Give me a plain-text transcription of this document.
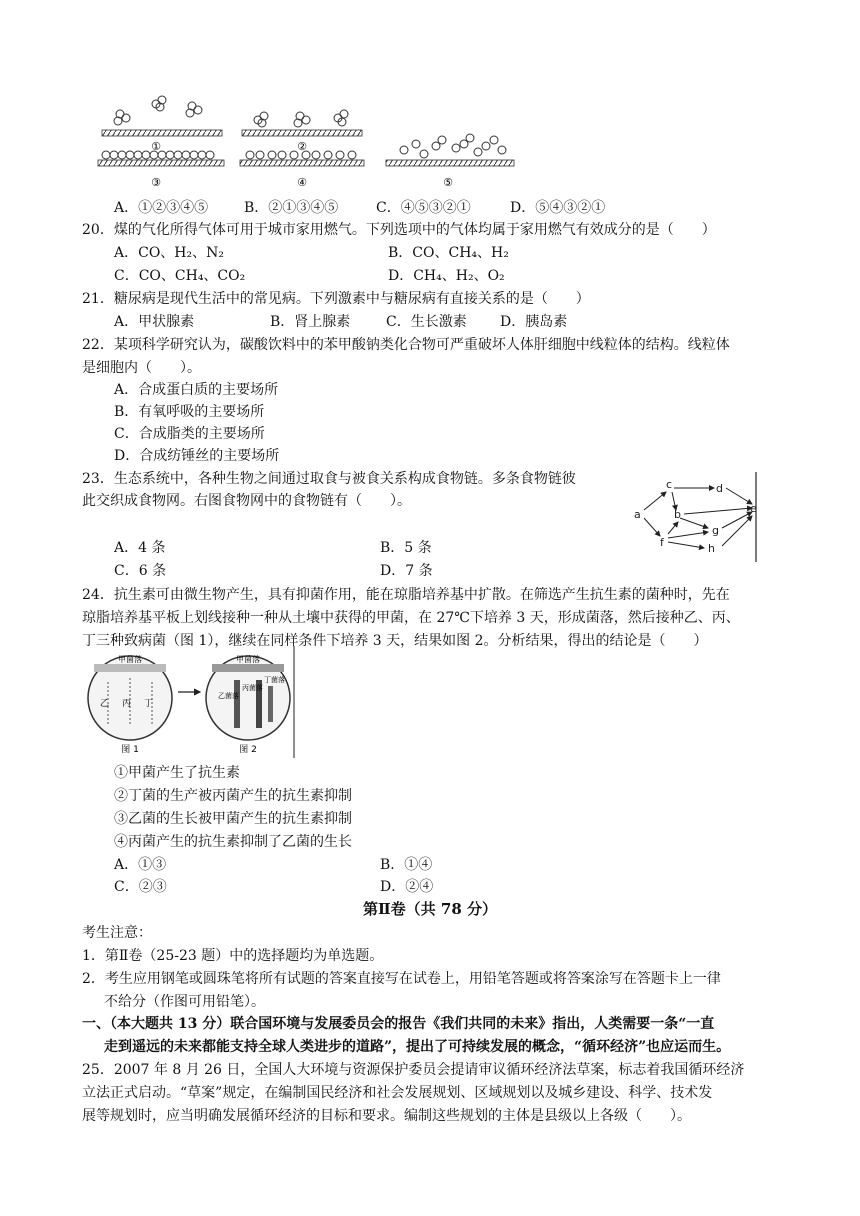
①	②
③	④	⑤
A．①②③④⑤	B．②①③④⑤	C．④⑤③②①	D．⑤④③②①
20．煤的气化所得气体可用于城市家用燃气。下列选项中的气体均属于家用燃气有效成分的是（　　）
A．CO、H₂、N₂	B．CO、CH₄、H₂
C．CO、CH₄、CO₂	D．CH₄、H₂、O₂
21．糖尿病是现代生活中的常见病。下列激素中与糖尿病有直接关系的是（　　）
A．甲状腺素	B．肾上腺素	C．生长激素 D．胰岛素
22．某项科学研究认为，碳酸饮料中的苯甲酸钠类化合物可严重破坏人体肝细胞中线粒体的结构。线粒体
是细胞内（　　）。
A．合成蛋白质的主要场所
B．有氧呼吸的主要场所
C．合成脂类的主要场所
D．合成纺锤丝的主要场所
23．生态系统中，各种生物之间通过取食与被食关系构成食物链。多条食物链彼
此交织成食物网。右图食物网中的食物链有（　　）。
A．4 条	B．5 条
C．6 条	D．7 条
a	b
c	d
e
f
g
h
24．抗生素可由微生物产生，具有抑菌作用，能在琼脂培养基中扩散。在筛选产生抗生素的菌种时，先在
琼脂培养基平板上划线接种一种从土壤中获得的甲菌，在 27℃下培养 3 天，形成菌落，然后接种乙、丙、
丁三种致病菌（图 1），继续在同样条件下培养 3 天，结果如图 2。分析结果，得出的结论是（　　）
甲菌落
乙 丙 丁
图 1
甲菌落
乙菌落
丙菌落
丁菌落
图 2
①甲菌产生了抗生素
②丁菌的生产被丙菌产生的抗生素抑制
③乙菌的生长被甲菌产生的抗生素抑制
④丙菌产生的抗生素抑制了乙菌的生长
A．①③	B．①④
C．②③	D．②④
第Ⅱ卷（共 78 分）
考生注意：
1．第Ⅱ卷（25-23 题）中的选择题均为单选题。
2．考生应用钢笔或圆珠笔将所有试题的答案直接写在试卷上，用铅笔答题或将答案涂写在答题卡上一律
不给分（作图可用铅笔）。
一、（本大题共 13 分）联合国环境与发展委员会的报告《我们共同的未来》指出，人类需要一条“一直
走到遥远的未来都能支持全球人类进步的道路”，提出了可持续发展的概念，“循环经济”也应运而生。
25．2007 年 8 月 26 日，全国人大环境与资源保护委员会提请审议循环经济法草案，标志着我国循环经济
立法正式启动。“草案”规定，在编制国民经济和社会发展规划、区域规划以及城乡建设、科学、技术发
展等规划时，应当明确发展循环经济的目标和要求。编制这些规划的主体是县级以上各级（　　）。
